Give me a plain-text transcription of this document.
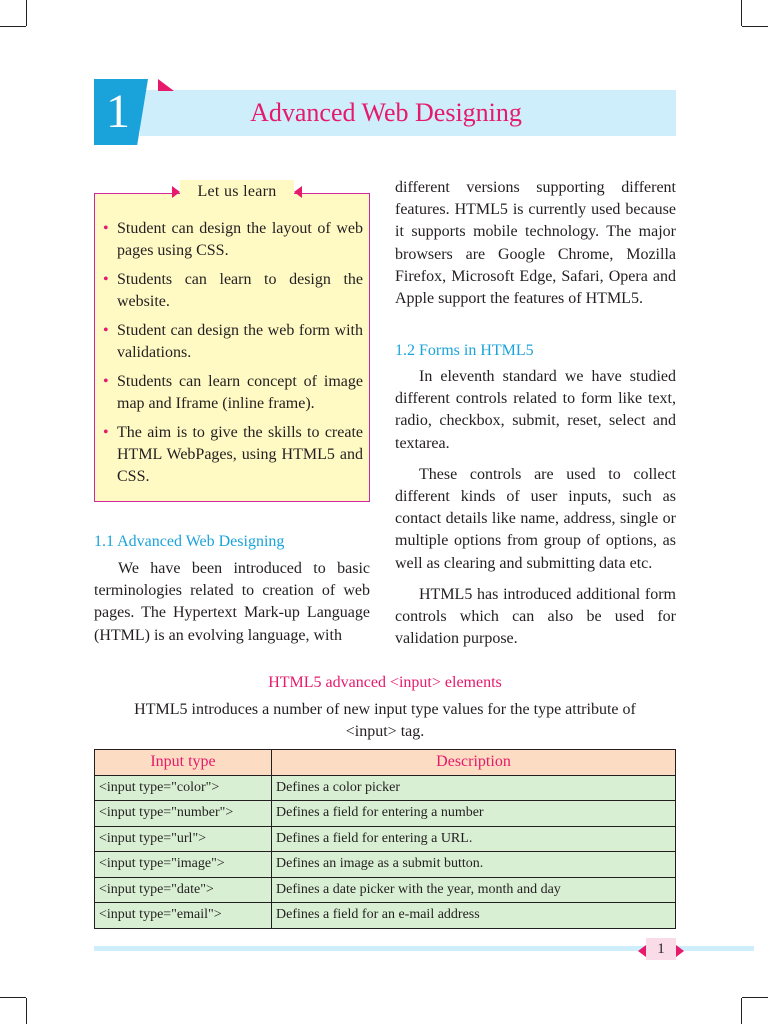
1	Advanced Web Designing
• Student can design the layout of web pages using CSS.
• Students can learn to design the website.
• Student can design the web form with validations.
• Students can learn concept of image map and Iframe (inline frame).
• The aim is to give the skills to create HTML WebPages, using HTML5 and CSS.
Let us learn
1.1 Advanced Web Designing

We have been introduced to basic terminologies related to creation of web pages. The Hypertext Mark-up Language (HTML) is an evolving language, with

different versions supporting different features. HTML5 is currently used because it supports mobile technology. The major browsers are Google Chrome, Mozilla Firefox, Microsoft Edge, Safari, Opera and Apple support the features of HTML5.

1.2 Forms in HTML5

In eleventh standard we have studied different controls related to form like text, radio, checkbox, submit, reset, select and textarea.

These controls are used to collect different kinds of user inputs, such as contact details like name, address, single or multiple options from group of options, as well as clearing and submitting data etc.

HTML5 has introduced additional form controls which can also be used for validation purpose.

HTML5 advanced <input> elements
HTML5 introduces a number of new input type values for the type attribute of
<input> tag.
Input type	Description
<input type="color">	Defines a color picker
<input type="number">	Defines a field for entering a number
<input type="url">	Defines a field for entering a URL.
<input type="image">	Defines an image as a submit button.
<input type="date">	Defines a date picker with the year, month and day
<input type="email">	Defines a field for an e-mail address
1
